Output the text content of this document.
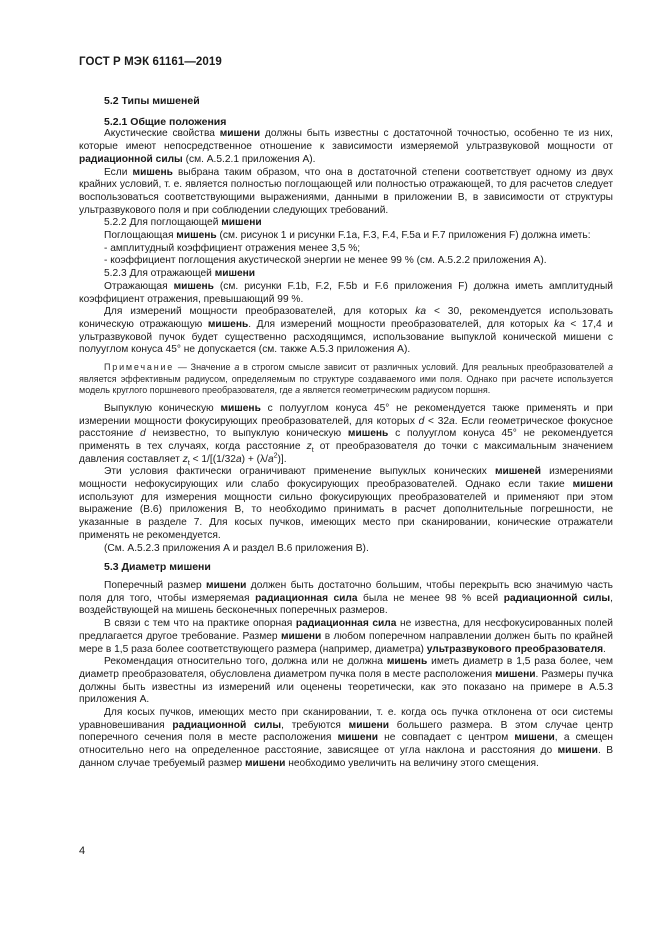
ГОСТ Р МЭК 61161—2019

5.2 Типы мишеней

5.2.1 Общие положения

Акустические свойства мишени должны быть известны с достаточной точностью, особенно те из них, которые имеют непосредственное отношение к зависимости измеряемой ультразвуковой мощности от радиационной силы (см. А.5.2.1 приложения А).

Если мишень выбрана таким образом, что она в достаточной степени соответствует одному из двух крайних условий, т. е. является полностью поглощающей или полностью отражающей, то для расчетов следует воспользоваться соответствующими выражениями, данными в приложении В, в зависимости от структуры ультразвукового поля и при соблюдении следующих требований.

5.2.2 Для поглощающей мишени

Поглощающая мишень (см. рисунок 1 и рисунки F.1a, F.3, F.4, F.5a и F.7 приложения F) должна иметь:

- амплитудный коэффициент отражения менее 3,5 %;

- коэффициент поглощения акустической энергии не менее 99 % (см. А.5.2.2 приложения А).

5.2.3 Для отражающей мишени

Отражающая мишень (см. рисунки F.1b, F.2, F.5b и F.6 приложения F) должна иметь амплитудный коэффициент отражения, превышающий 99 %.

Для измерений мощности преобразователей, для которых ka < 30, рекомендуется использовать коническую отражающую мишень. Для измерений мощности преобразователей, для которых ka < 17,4 и ультразвуковой пучок будет существенно расходящимся, использование выпуклой конической мишени с полууглом конуса 45° не допускается (см. также А.5.3 приложения А).

Примечание — Значение a в строгом смысле зависит от различных условий. Для реальных преобразователей a является эффективным радиусом, определяемым по структуре создаваемого ими поля. Однако при расчете используется модель круглого поршневого преобразователя, где a является геометрическим радиусом поршня.

Выпуклую коническую мишень с полууглом конуса 45° не рекомендуется также применять и при измерении мощности фокусирующих преобразователей, для которых d < 32a. Если геометрическое фокусное расстояние d неизвестно, то выпуклую коническую мишень с полууглом конуса 45° не рекомендуется применять в тех случаях, когда расстояние $z_t$ от преобразователя до точки с максимальным значением давления составляет $z_t < 1/[(1/32a) + (\lambda/a^2)]$.

Эти условия фактически ограничивают применение выпуклых конических мишеней измерениями мощности нефокусирующих или слабо фокусирующих преобразователей. Однако если такие мишени используют для измерения мощности сильно фокусирующих преобразователей и применяют при этом выражение (В.6) приложения В, то необходимо принимать в расчет дополнительные погрешности, не указанные в разделе 7. Для косых пучков, имеющих место при сканировании, конические отражатели применять не рекомендуется.

(См. А.5.2.3 приложения А и раздел В.6 приложения В).

5.3 Диаметр мишени

Поперечный размер мишени должен быть достаточно большим, чтобы перекрыть всю значимую часть поля для того, чтобы измеряемая радиационная сила была не менее 98 % всей радиационной силы, воздействующей на мишень бесконечных поперечных размеров.

В связи с тем что на практике опорная радиационная сила не известна, для несфокусированных полей предлагается другое требование. Размер мишени в любом поперечном направлении должен быть по крайней мере в 1,5 раза более соответствующего размера (например, диаметра) ультразвукового преобразователя.

Рекомендация относительно того, должна или не должна мишень иметь диаметр в 1,5 раза более, чем диаметр преобразователя, обусловлена диаметром пучка поля в месте расположения мишени. Размеры пучка должны быть известны из измерений или оценены теоретически, как это показано на примере в А.5.3 приложения А.

Для косых пучков, имеющих место при сканировании, т. е. когда ось пучка отклонена от оси системы уравновешивания радиационной силы, требуются мишени большего размера. В этом случае центр поперечного сечения поля в месте расположения мишени не совпадает с центром мишени, а смещен относительно него на определенное расстояние, зависящее от угла наклона и расстояния до мишени. В данном случае требуемый размер мишени необходимо увеличить на величину этого смещения.

4
